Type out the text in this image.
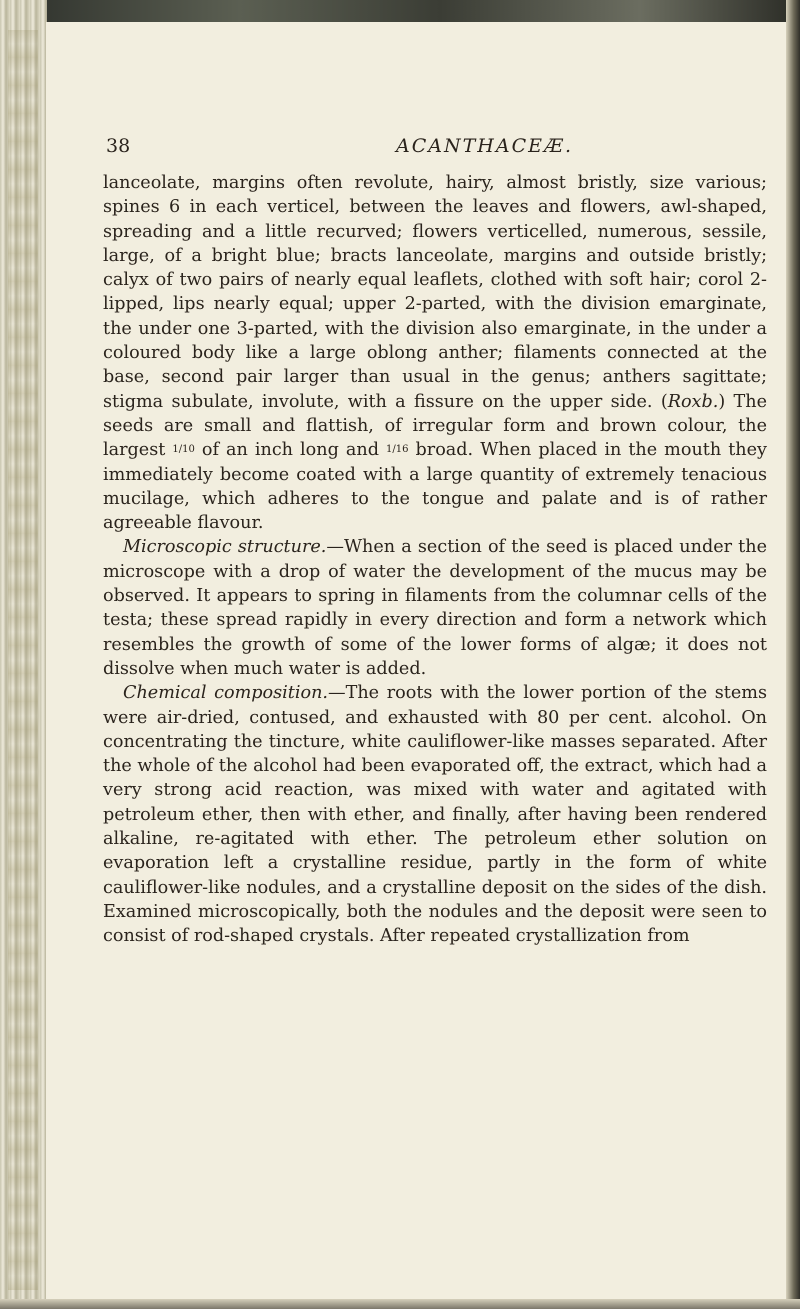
38	ACANTHACEÆ.

lanceolate, margins often revolute, hairy, almost bristly, size various; spines 6 in each verticel, between the leaves and flowers, awl-shaped, spreading and a little recurved; flowers verticelled, numerous, sessile, large, of a bright blue; bracts lanceolate, margins and outside bristly; calyx of two pairs of nearly equal leaflets, clothed with soft hair; corol 2-lipped, lips nearly equal; upper 2-parted, with the division emarginate, the under one 3-parted, with the division also emarginate, in the under a coloured body like a large oblong anther; filaments connected at the base, second pair larger than usual in the genus; anthers sagittate; stigma subulate, involute, with a fissure on the upper side. (Roxb.) The seeds are small and flattish, of irregular form and brown colour, the largest 1/10 of an inch long and 1/16 broad. When placed in the mouth they immediately become coated with a large quantity of extremely tenacious mucilage, which adheres to the tongue and palate and is of rather agreeable flavour.

Microscopic structure.—When a section of the seed is placed under the microscope with a drop of water the development of the mucus may be observed. It appears to spring in filaments from the columnar cells of the testa; these spread rapidly in every direction and form a network which resembles the growth of some of the lower forms of algæ; it does not dissolve when much water is added.

Chemical composition.—The roots with the lower portion of the stems were air-dried, contused, and exhausted with 80 per cent. alcohol. On concentrating the tincture, white cauliflower-like masses separated. After the whole of the alcohol had been evaporated off, the extract, which had a very strong acid reaction, was mixed with water and agitated with petroleum ether, then with ether, and finally, after having been rendered alkaline, re-agitated with ether. The petroleum ether solution on evaporation left a crystalline residue, partly in the form of white cauliflower-like nodules, and a crystalline deposit on the sides of the dish. Examined microscopically, both the nodules and the deposit were seen to consist of rod-shaped crystals. After repeated crystallization from
